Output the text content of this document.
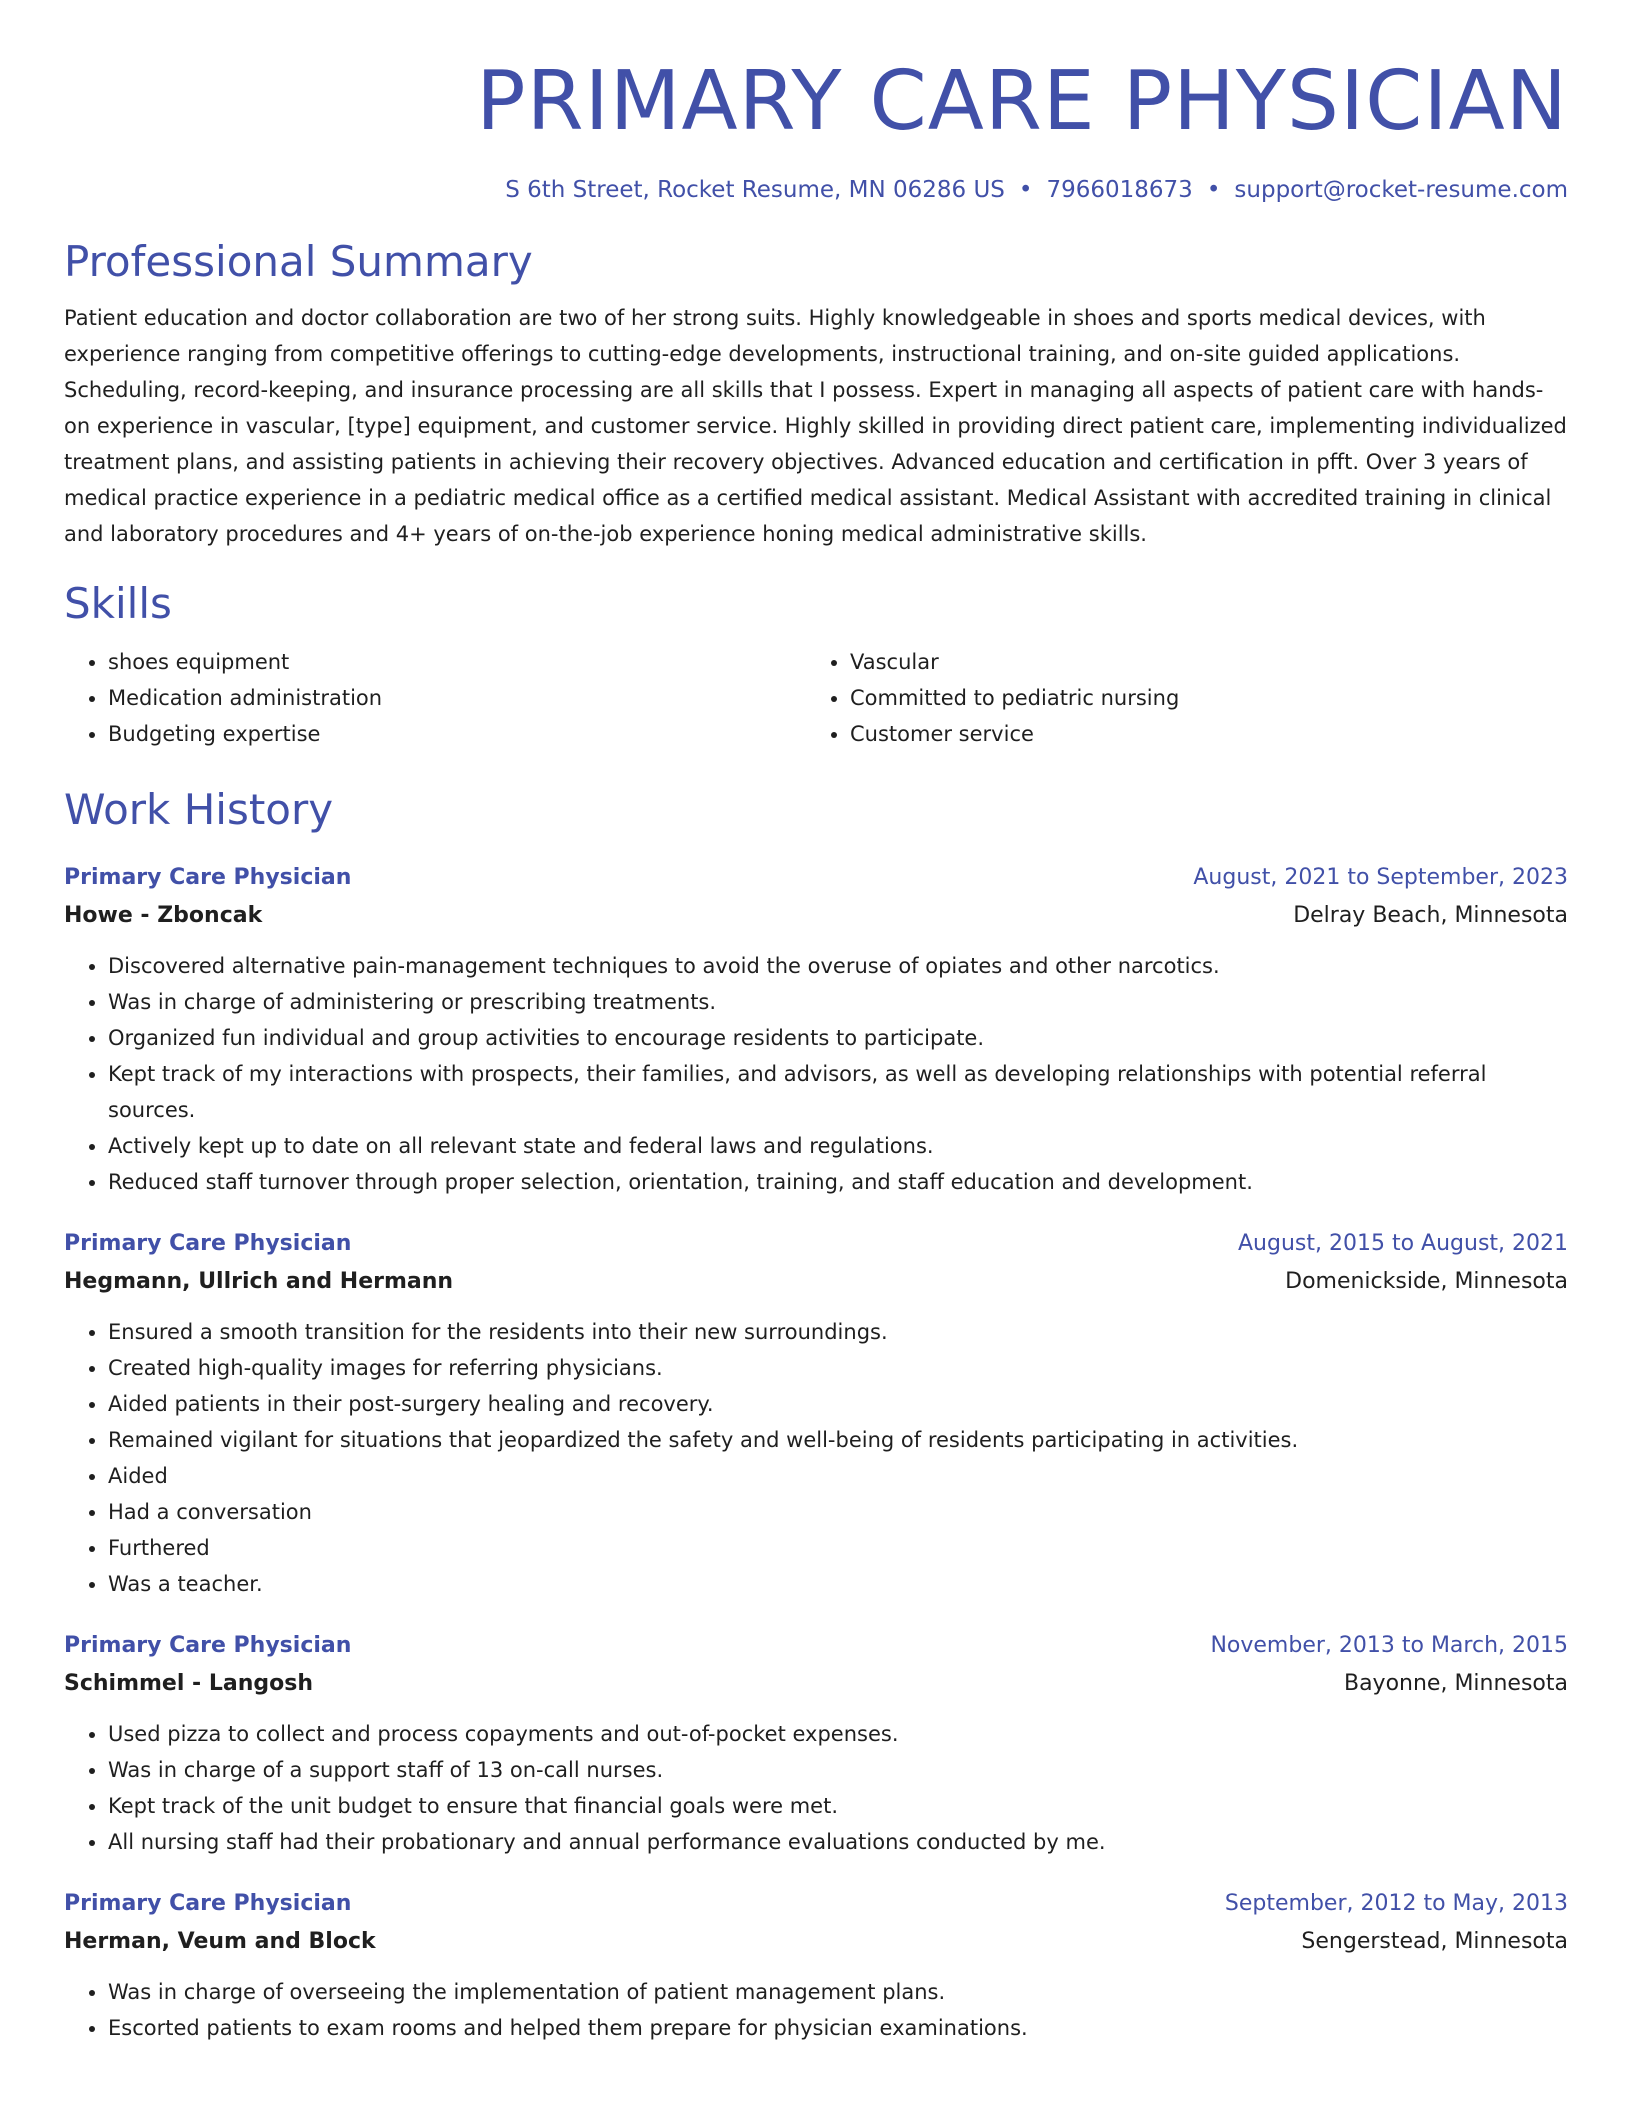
PRIMARY CARE PHYSICIAN
S 6th Street, Rocket Resume, MN 06286 US • 7966018673 • support@rocket-resume.com
Professional Summary

Patient education and doctor collaboration are two of her strong suits. Highly knowledgeable in shoes and sports medical devices, with experience ranging from competitive offerings to cutting-edge developments, instructional training, and on-site guided applications. Scheduling, record-keeping, and insurance processing are all skills that I possess. Expert in managing all aspects of patient care with hands-on experience in vascular, [type] equipment, and customer service. Highly skilled in providing direct patient care, implementing individualized treatment plans, and assisting patients in achieving their recovery objectives. Advanced education and certification in pfft. Over 3 years of medical practice experience in a pediatric medical office as a certified medical assistant. Medical Assistant with accredited training in clinical and laboratory procedures and 4+ years of on-the-job experience honing medical administrative skills.

Skills
• shoes equipment
• Medication administration
• Budgeting expertise
• Vascular
• Committed to pediatric nursing
• Customer service
Work History
Primary Care Physician	August, 2021 to September, 2023
Howe - Zboncak	Delray Beach, Minnesota
• Discovered alternative pain-management techniques to avoid the overuse of opiates and other narcotics.
• Was in charge of administering or prescribing treatments.
• Organized fun individual and group activities to encourage residents to participate.
• Kept track of my interactions with prospects, their families, and advisors, as well as developing relationships with potential referral sources.
• Actively kept up to date on all relevant state and federal laws and regulations.
• Reduced staff turnover through proper selection, orientation, training, and staff education and development.
Primary Care Physician	August, 2015 to August, 2021
Hegmann, Ullrich and Hermann	Domenickside, Minnesota
• Ensured a smooth transition for the residents into their new surroundings.
• Created high-quality images for referring physicians.
• Aided patients in their post-surgery healing and recovery.
• Remained vigilant for situations that jeopardized the safety and well-being of residents participating in activities.
• Aided
• Had a conversation
• Furthered
• Was a teacher.
Primary Care Physician	November, 2013 to March, 2015
Schimmel - Langosh	Bayonne, Minnesota
• Used pizza to collect and process copayments and out-of-pocket expenses.
• Was in charge of a support staff of 13 on-call nurses.
• Kept track of the unit budget to ensure that financial goals were met.
• All nursing staff had their probationary and annual performance evaluations conducted by me.
Primary Care Physician	September, 2012 to May, 2013
Herman, Veum and Block	Sengerstead, Minnesota
• Was in charge of overseeing the implementation of patient management plans.
• Escorted patients to exam rooms and helped them prepare for physician examinations.
